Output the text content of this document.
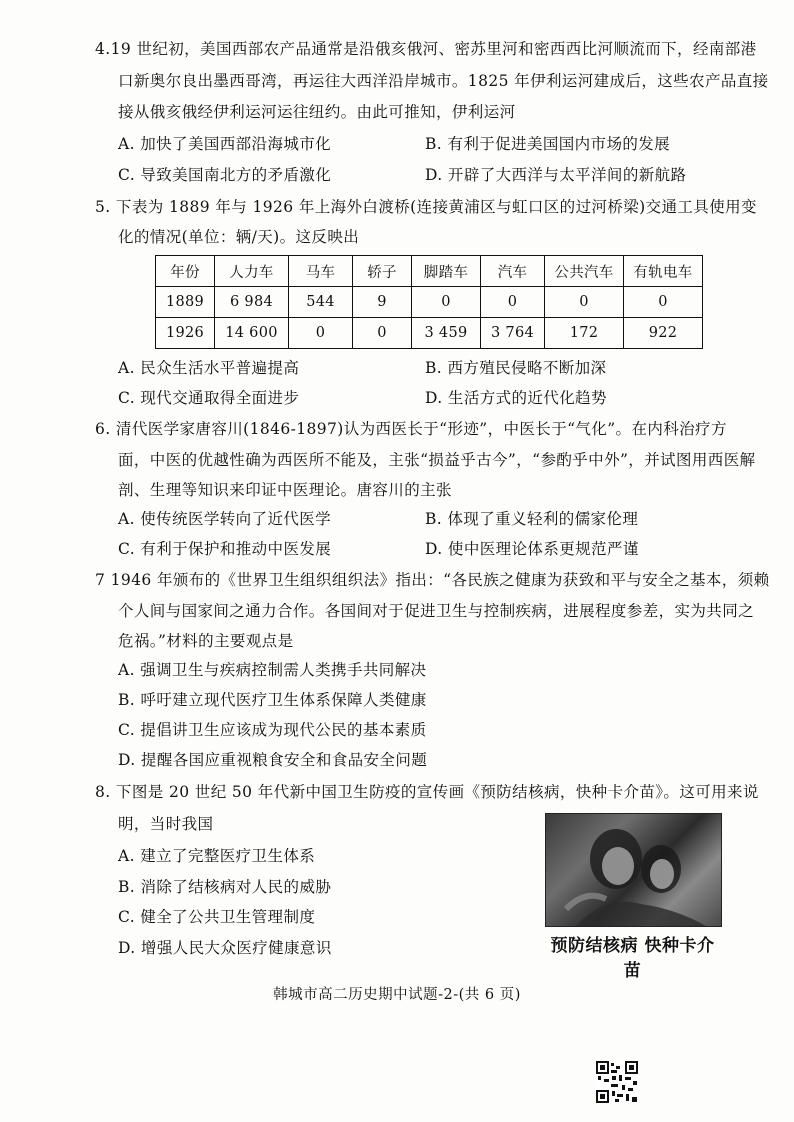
4.19 世纪初，美国西部农产品通常是沿俄亥俄河、密苏里河和密西西比河顺流而下，经南部港
口新奥尔良出墨西哥湾，再运往大西洋沿岸城市。1825 年伊利运河建成后，这些农产品直接
接从俄亥俄经伊利运河运往纽约。由此可推知，伊利运河
A. 加快了美国西部沿海城市化	B. 有利于促进美国国内市场的发展
C. 导致美国南北方的矛盾激化	D. 开辟了大西洋与太平洋间的新航路
5. 下表为 1889 年与 1926 年上海外白渡桥(连接黄浦区与虹口区的过河桥梁)交通工具使用变
化的情况(单位：辆/天)。这反映出
年份	人力车	马车	轿子	脚踏车	汽车	公共汽车	有轨电车
1889	6 984	544	9	0	0	0	0
1926	14 600	0	0	3 459	3 764	172	922
A. 民众生活水平普遍提高	B. 西方殖民侵略不断加深
C. 现代交通取得全面进步	D. 生活方式的近代化趋势
6. 清代医学家唐容川(1846-1897)认为西医长于“形迹”，中医长于“气化”。在内科治疗方
面，中医的优越性确为西医所不能及，主张“损益乎古今”，“参酌乎中外”，并试图用西医解
剖、生理等知识来印证中医理论。唐容川的主张
A. 使传统医学转向了近代医学	B. 体现了重义轻利的儒家伦理
C. 有利于保护和推动中医发展	D. 使中医理论体系更规范严谨
7 1946 年颁布的《世界卫生组织组织法》指出：“各民族之健康为获致和平与安全之基本，须赖
个人间与国家间之通力合作。各国间对于促进卫生与控制疾病，进展程度参差，实为共同之
危祸。”材料的主要观点是
A. 强调卫生与疾病控制需人类携手共同解决
B. 呼吁建立现代医疗卫生体系保障人类健康
C. 提倡讲卫生应该成为现代公民的基本素质
D. 提醒各国应重视粮食安全和食品安全问题
8. 下图是 20 世纪 50 年代新中国卫生防疫的宣传画《预防结核病，快种卡介苗》。这可用来说
明，当时我国
A. 建立了完整医疗卫生体系
B. 消除了结核病对人民的威胁
C. 健全了公共卫生管理制度
D. 增强人民大众医疗健康意识	预防结核病 快种卡介苗
韩城市高二历史期中试题-2-(共 6 页)
